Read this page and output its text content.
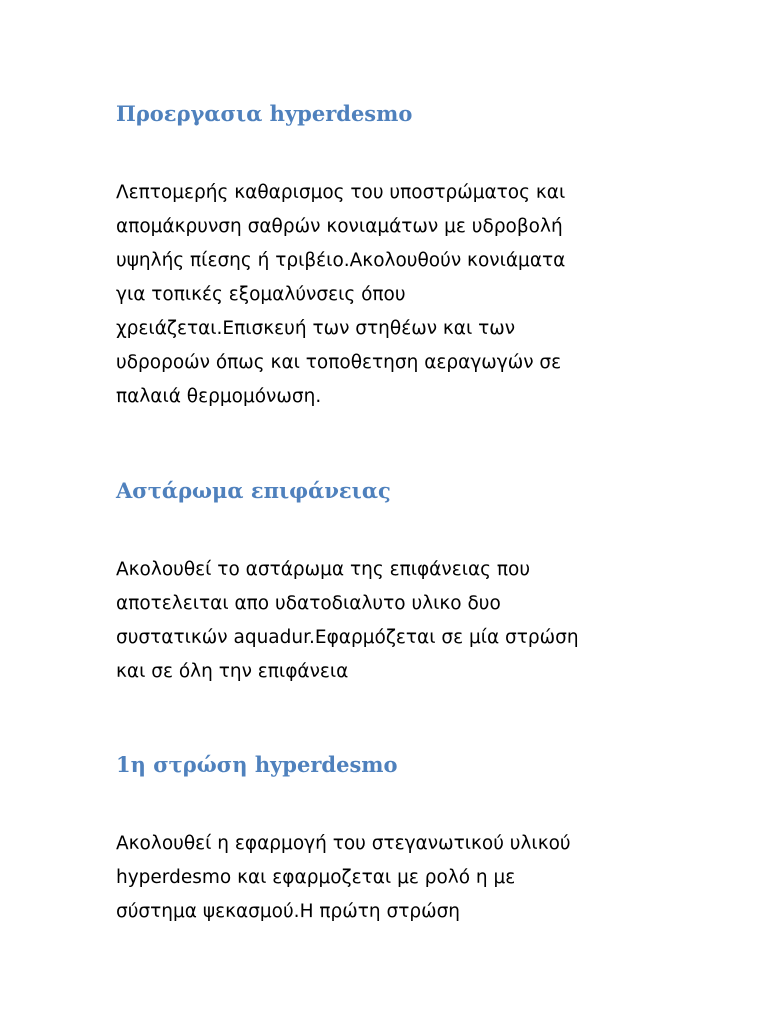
Προεργασια hyperdesmo
Λεπτομερής καθαρισμος του υποστρώματος και
απομάκρυνση σαθρών κονιαμάτων με υδροβολή
υψηλής πίεσης ή τριβέιο.Ακολουθούν κονιάματα
για τοπικές εξομαλύνσεις όπου
χρειάζεται.Επισκευή των στηθέων και των
υδροροών όπως και τοποθετηση αεραγωγών σε
παλαιά θερμομόνωση.
Αστάρωμα επιφάνειας
Ακολουθεί το αστάρωμα της επιφάνειας που
αποτελειται απο υδατοδιαλυτο υλικο δυο
συστατικών aquadur.Εφαρμόζεται σε μία στρώση
και σε όλη την επιφάνεια
1η στρώση hyperdesmo
Ακολουθεί η εφαρμογή του στεγανωτικού υλικού
hyperdesmo και εφαρμοζεται με ρολό η με
σύστημα ψεκασμού.Η πρώτη στρώση
